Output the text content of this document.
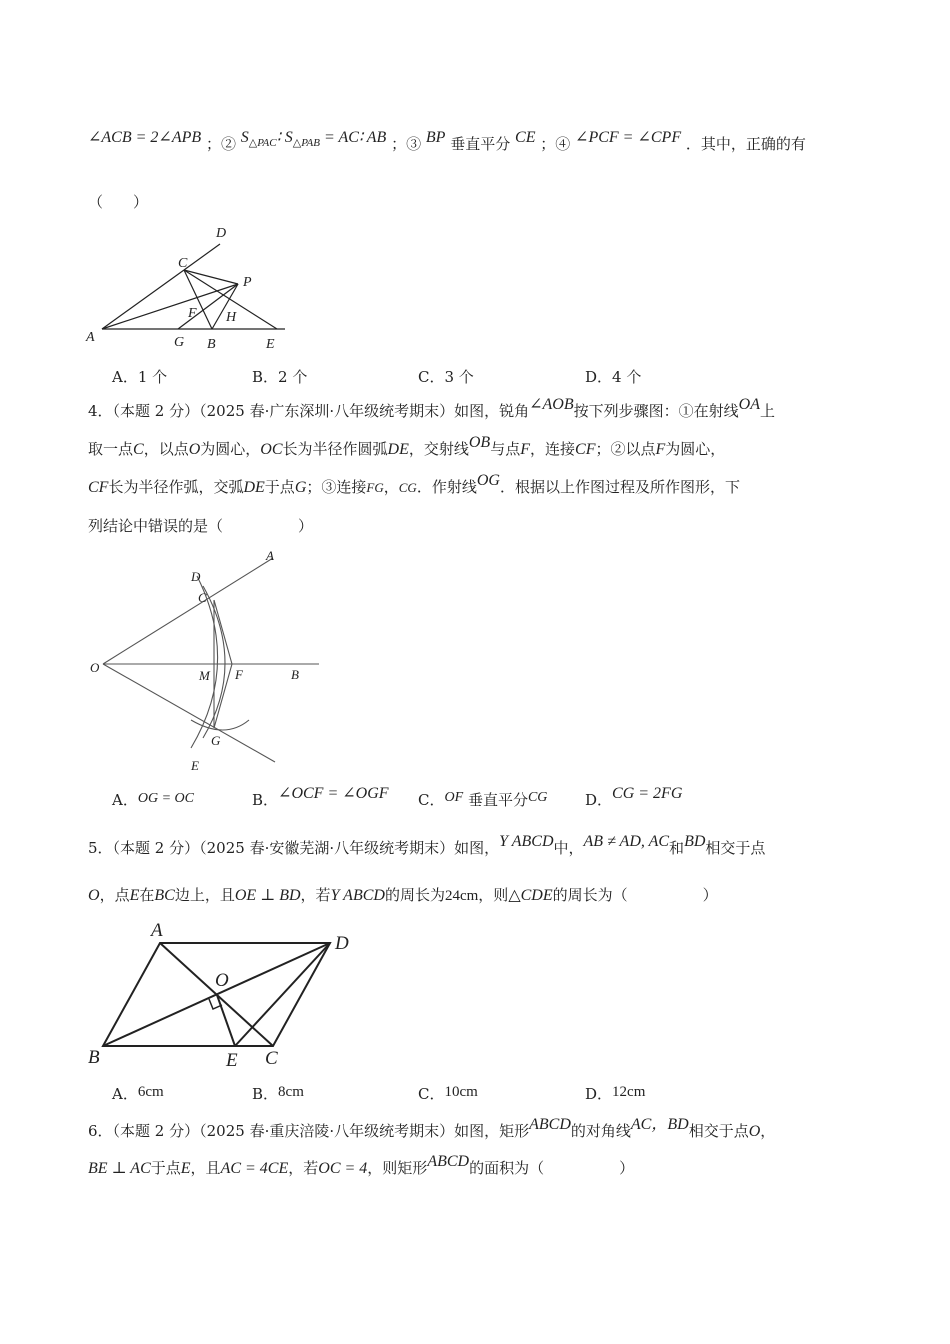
∠ACB = 2∠APB ；② $S_{\triangle PAC}∶$ $S_{\triangle PAB}$ = AC∶ AB ；③ BP 垂直平分 CE ；④ ∠PCF = ∠CPF ．其中，正确的有
（　　）
D
C
P
F H
A	G B	E
A．1 个	B．2 个	C．3 个	D．4 个
4．（本题 2 分）（2025 春·广东深圳·八年级统考期末）如图，锐角∠AOB按下列步骤图：①在射线OA上
取一点C，以点O为圆心，OC长为半径作圆弧DE，交射线OB与点F，连接CF；②以点F为圆心，
CF长为半径作弧，交弧DE于点G；③连接FG，CG．作射线OG．根据以上作图过程及所作图形，下
列结论中错误的是（　　　　　）
A
D
C
O
M F	B
G
E
A．OG = OC	B．∠OCF = ∠OGF C．OF 垂直平分CG	D．CG = 2FG
5．（本题 2 分）（2025 春·安徽芜湖·八年级统考期末）如图，Y ABCD中，AB ≠ AD, AC和BD相交于点
O，点E在BC边上，且OE ⊥ BD，若Y ABCD的周长为24cm，则△CDE的周长为（　　　　　）
A
D
O
B	E C
A．6cm	B．8cm	C．10cm	D．12cm
6．（本题 2 分）（2025 春·重庆涪陵·八年级统考期末）如图，矩形ABCD的对角线AC，BD相交于点O，
BE ⊥ AC于点E，且AC = 4CE，若OC = 4，则矩形ABCD的面积为（　　　　　）
